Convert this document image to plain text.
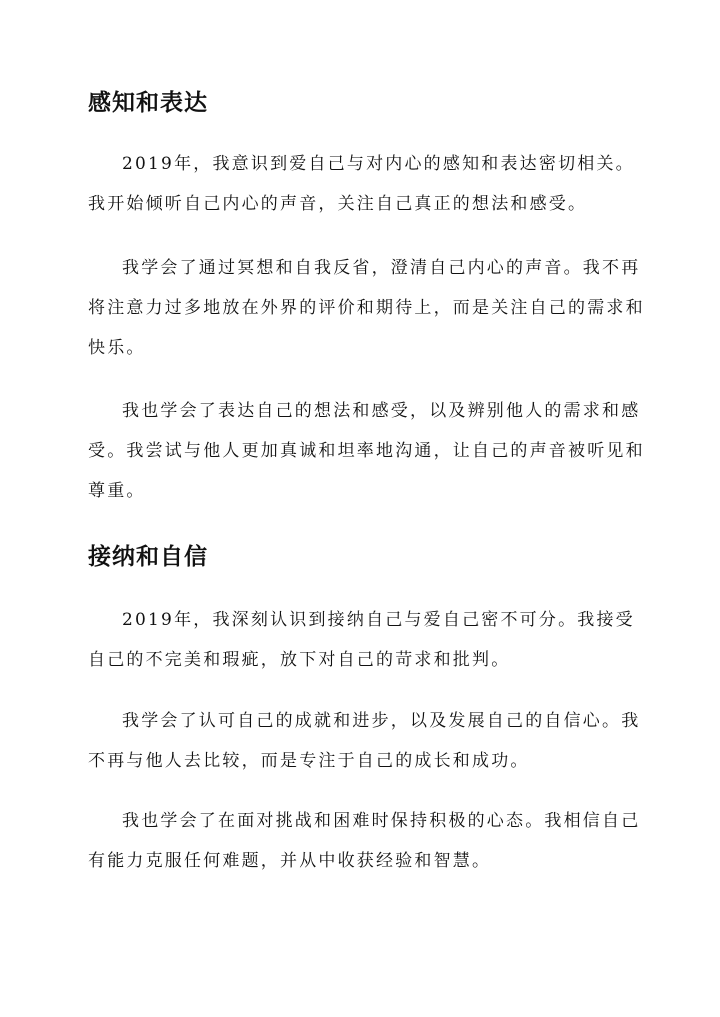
感知和表达

2019年，我意识到爱自己与对内心的感知和表达密切相关。
我开始倾听自己内心的声音，关注自己真正的想法和感受。

我学会了通过冥想和自我反省，澄清自己内心的声音。我不再
将注意力过多地放在外界的评价和期待上，而是关注自己的需求和
快乐。

我也学会了表达自己的想法和感受，以及辨别他人的需求和感
受。我尝试与他人更加真诚和坦率地沟通，让自己的声音被听见和
尊重。

接纳和自信

2019年，我深刻认识到接纳自己与爱自己密不可分。我接受
自己的不完美和瑕疵，放下对自己的苛求和批判。

我学会了认可自己的成就和进步，以及发展自己的自信心。我
不再与他人去比较，而是专注于自己的成长和成功。

我也学会了在面对挑战和困难时保持积极的心态。我相信自己
有能力克服任何难题，并从中收获经验和智慧。
